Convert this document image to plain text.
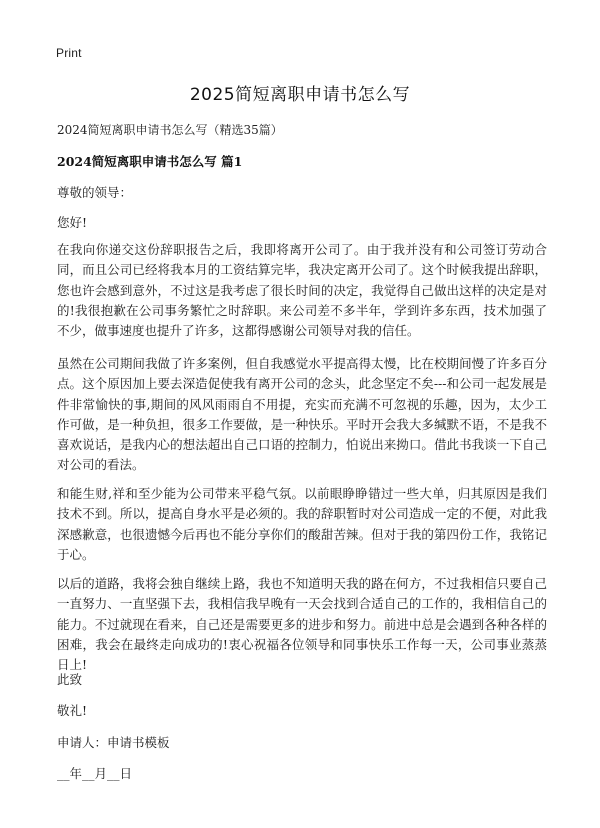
Print
2025简短离职申请书怎么写
2024简短离职申请书怎么写（精选35篇）
2024简短离职申请书怎么写 篇1
尊敬的领导：
您好!

在我向你递交这份辞职报告之后，我即将离开公司了。由于我并没有和公司签订劳动合同，而且公司已经将我本月的工资结算完毕，我决定离开公司了。这个时候我提出辞职，您也许会感到意外，不过这是我考虑了很长时间的决定，我觉得自己做出这样的决定是对的!我很抱歉在公司事务繁忙之时辞职。来公司差不多半年，学到许多东西，技术加强了不少，做事速度也提升了许多，这都得感谢公司领导对我的信任。

虽然在公司期间我做了许多案例，但自我感觉水平提高得太慢，比在校期间慢了许多百分点。这个原因加上要去深造促使我有离开公司的念头，此念坚定不矣---和公司一起发展是件非常愉快的事,期间的风风雨雨自不用提，充实而充满不可忽视的乐趣，因为，太少工作可做，是一种负担，很多工作要做，是一种快乐。平时开会我大多缄默不语，不是我不喜欢说话，是我内心的想法超出自己口语的控制力，怕说出来拗口。借此书我谈一下自己对公司的看法。

和能生财,祥和至少能为公司带来平稳气氛。以前眼睁睁错过一些大单，归其原因是我们技术不到。所以，提高自身水平是必须的。我的辞职暂时对公司造成一定的不便，对此我深感歉意，也很遗憾今后再也不能分享你们的酸甜苦辣。但对于我的第四份工作，我铭记于心。

以后的道路，我将会独自继续上路，我也不知道明天我的路在何方，不过我相信只要自己一直努力、一直坚强下去，我相信我早晚有一天会找到合适自己的工作的，我相信自己的能力。不过就现在看来，自己还是需要更多的进步和努力。前进中总是会遇到各种各样的困难，我会在最终走向成功的!衷心祝福各位领导和同事快乐工作每一天，公司事业蒸蒸日上!

此致
敬礼!
申请人：申请书模板
__年__月__日
